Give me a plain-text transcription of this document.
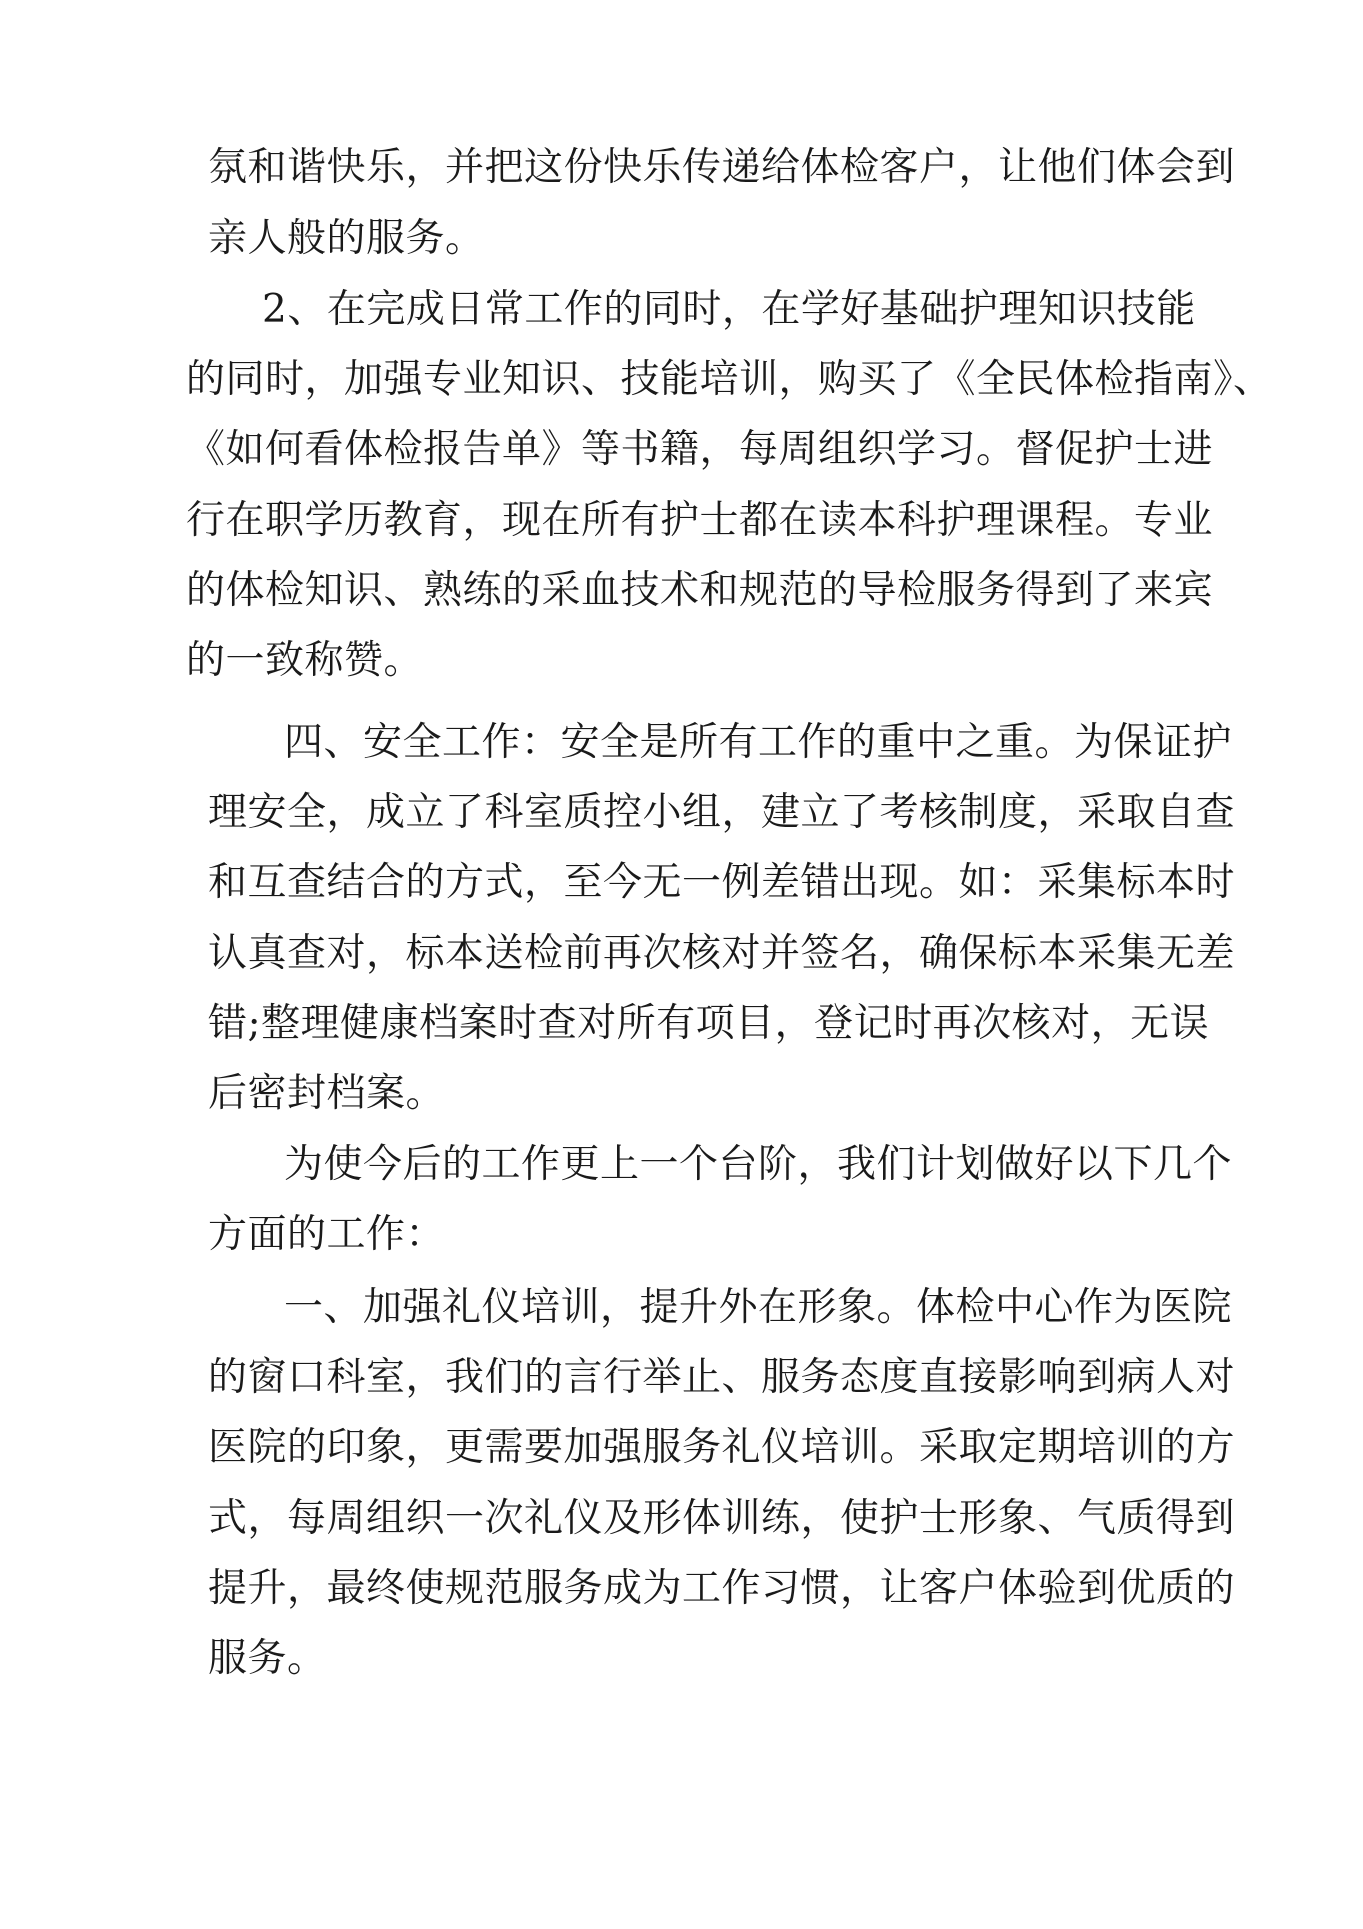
氛和谐快乐，并把这份快乐传递给体检客户，让他们体会到
亲人般的服务。
2、在完成日常工作的同时，在学好基础护理知识技能
的同时，加强专业知识、技能培训，购买了《全民体检指南》、
《如何看体检报告单》等书籍，每周组织学习。督促护士进
行在职学历教育，现在所有护士都在读本科护理课程。专业
的体检知识、熟练的采血技术和规范的导检服务得到了来宾
的一致称赞。
四、安全工作：安全是所有工作的重中之重。为保证护
理安全，成立了科室质控小组，建立了考核制度，采取自查
和互查结合的方式，至今无一例差错出现。如：采集标本时
认真查对，标本送检前再次核对并签名，确保标本采集无差
错;整理健康档案时查对所有项目，登记时再次核对，无误
后密封档案。
为使今后的工作更上一个台阶，我们计划做好以下几个
方面的工作：
一、加强礼仪培训，提升外在形象。体检中心作为医院
的窗口科室，我们的言行举止、服务态度直接影响到病人对
医院的印象，更需要加强服务礼仪培训。采取定期培训的方
式，每周组织一次礼仪及形体训练，使护士形象、气质得到
提升，最终使规范服务成为工作习惯，让客户体验到优质的
服务。
